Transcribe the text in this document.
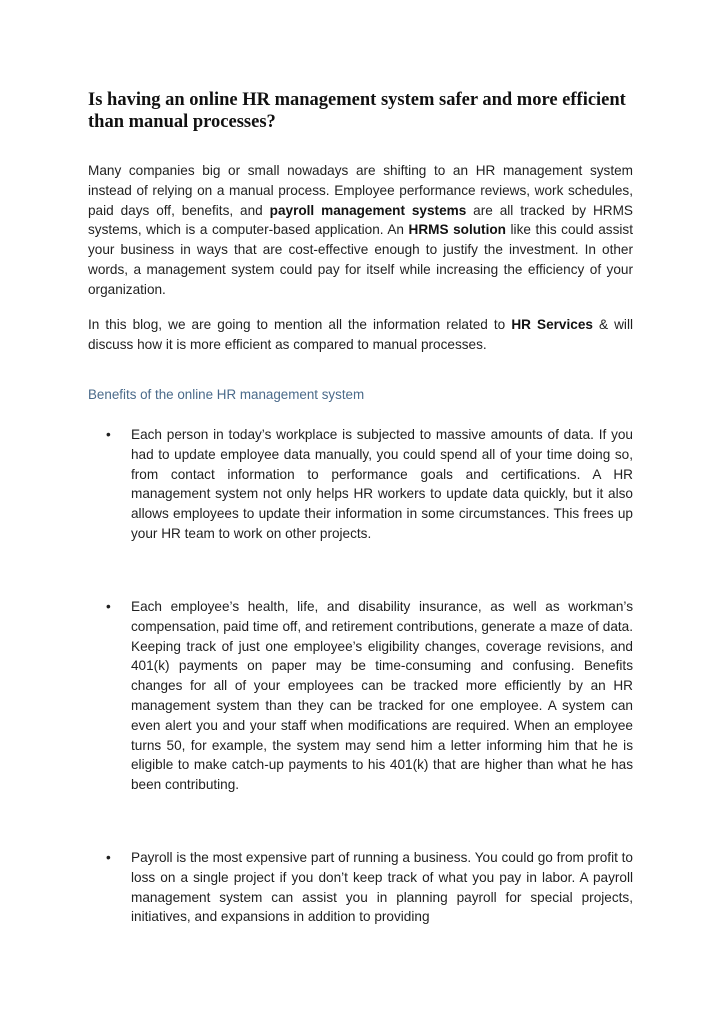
Is having an online HR management system safer and more efficient than manual processes?

Many companies big or small nowadays are shifting to an HR management system instead of relying on a manual process. Employee performance reviews, work schedules, paid days off, benefits, and payroll management systems are all tracked by HRMS systems, which is a computer-based application. An HRMS solution like this could assist your business in ways that are cost-effective enough to justify the investment. In other words, a management system could pay for itself while increasing the efficiency of your organization.

In this blog, we are going to mention all the information related to HR Services & will discuss how it is more efficient as compared to manual processes.

Benefits of the online HR management system
• Each person in today’s workplace is subjected to massive amounts of data. If you had to update employee data manually, you could spend all of your time doing so, from contact information to performance goals and certifications. A HR management system not only helps HR workers to update data quickly, but it also allows employees to update their information in some circumstances. This frees up your HR team to work on other projects.

• Each employee’s health, life, and disability insurance, as well as workman’s compensation, paid time off, and retirement contributions, generate a maze of data. Keeping track of just one employee’s eligibility changes, coverage revisions, and 401(k) payments on paper may be time-consuming and confusing. Benefits changes for all of your employees can be tracked more efficiently by an HR management system than they can be tracked for one employee. A system can even alert you and your staff when modifications are required. When an employee turns 50, for example, the system may send him a letter informing him that he is eligible to make catch-up payments to his 401(k) that are higher than what he has been contributing.

• Payroll is the most expensive part of running a business. You could go from profit to loss on a single project if you don’t keep track of what you pay in labor. A payroll management system can assist you in planning payroll for special projects, initiatives, and expansions in addition to providing
